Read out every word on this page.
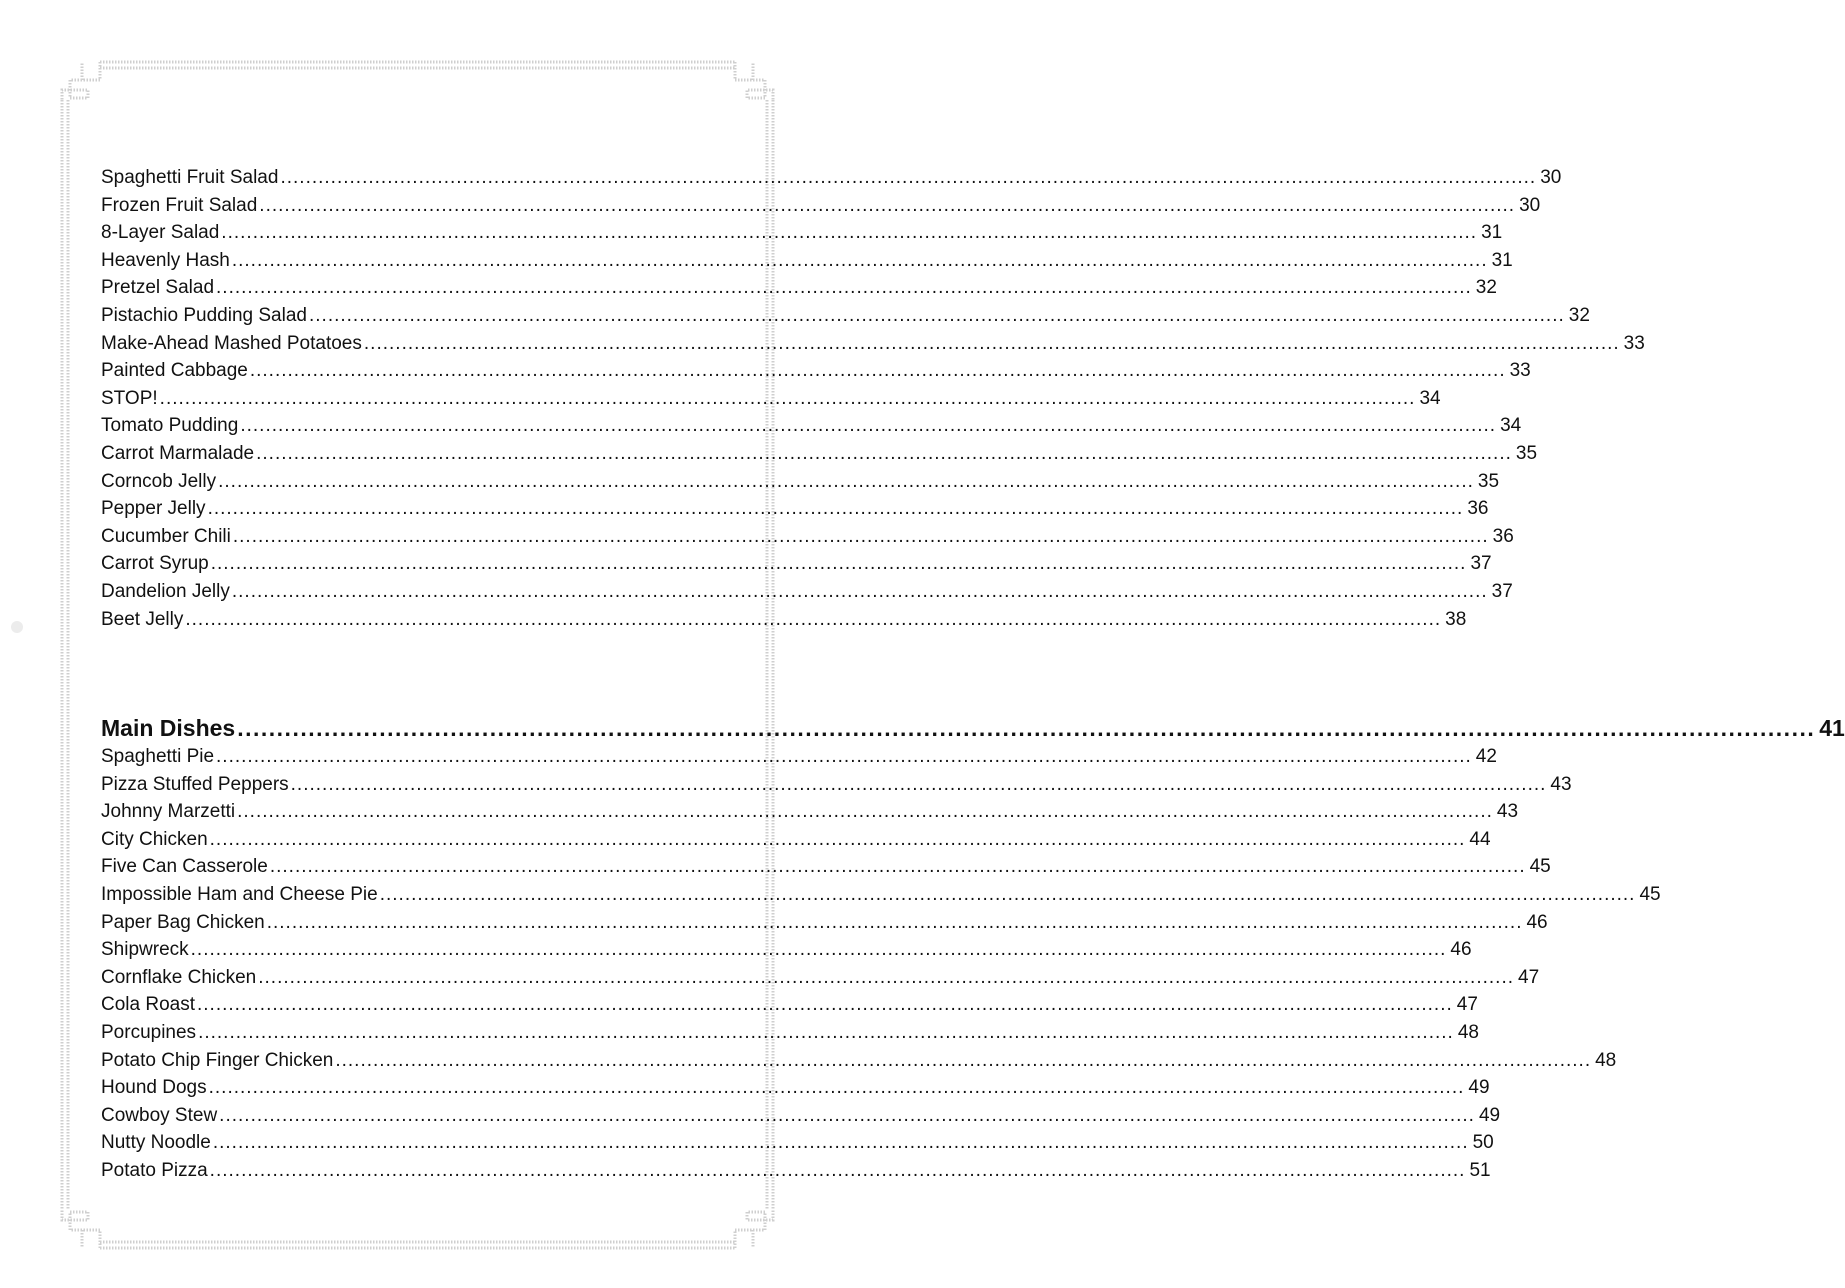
Spaghetti Fruit Salad ........................................................................................................................................................................................................ 30
Frozen Fruit Salad ........................................................................................................................................................................................................ 30
8-Layer Salad ........................................................................................................................................................................................................ 31
Heavenly Hash ........................................................................................................................................................................................................ 31
Pretzel Salad ........................................................................................................................................................................................................ 32
Pistachio Pudding Salad ........................................................................................................................................................................................................ 32
Make-Ahead Mashed Potatoes ........................................................................................................................................................................................................ 33
Painted Cabbage ........................................................................................................................................................................................................ 33
STOP! ........................................................................................................................................................................................................ 34
Tomato Pudding ........................................................................................................................................................................................................ 34
Carrot Marmalade ........................................................................................................................................................................................................ 35
Corncob Jelly ........................................................................................................................................................................................................ 35
Pepper Jelly ........................................................................................................................................................................................................ 36
Cucumber Chili ........................................................................................................................................................................................................ 36
Carrot Syrup ........................................................................................................................................................................................................ 37
Dandelion Jelly ........................................................................................................................................................................................................ 37
Beet Jelly ........................................................................................................................................................................................................ 38
Main Dishes ........................................................................................................................................................................................................ 41
Spaghetti Pie ........................................................................................................................................................................................................ 42
Pizza Stuffed Peppers ........................................................................................................................................................................................................ 43
Johnny Marzetti ........................................................................................................................................................................................................ 43
City Chicken ........................................................................................................................................................................................................ 44
Five Can Casserole ........................................................................................................................................................................................................ 45
Impossible Ham and Cheese Pie ........................................................................................................................................................................................................ 45
Paper Bag Chicken ........................................................................................................................................................................................................ 46
Shipwreck ........................................................................................................................................................................................................ 46
Cornflake Chicken ........................................................................................................................................................................................................ 47
Cola Roast ........................................................................................................................................................................................................ 47
Porcupines ........................................................................................................................................................................................................ 48
Potato Chip Finger Chicken ........................................................................................................................................................................................................ 48
Hound Dogs ........................................................................................................................................................................................................ 49
Cowboy Stew ........................................................................................................................................................................................................ 49
Nutty Noodle ........................................................................................................................................................................................................ 50
Potato Pizza ........................................................................................................................................................................................................ 51
